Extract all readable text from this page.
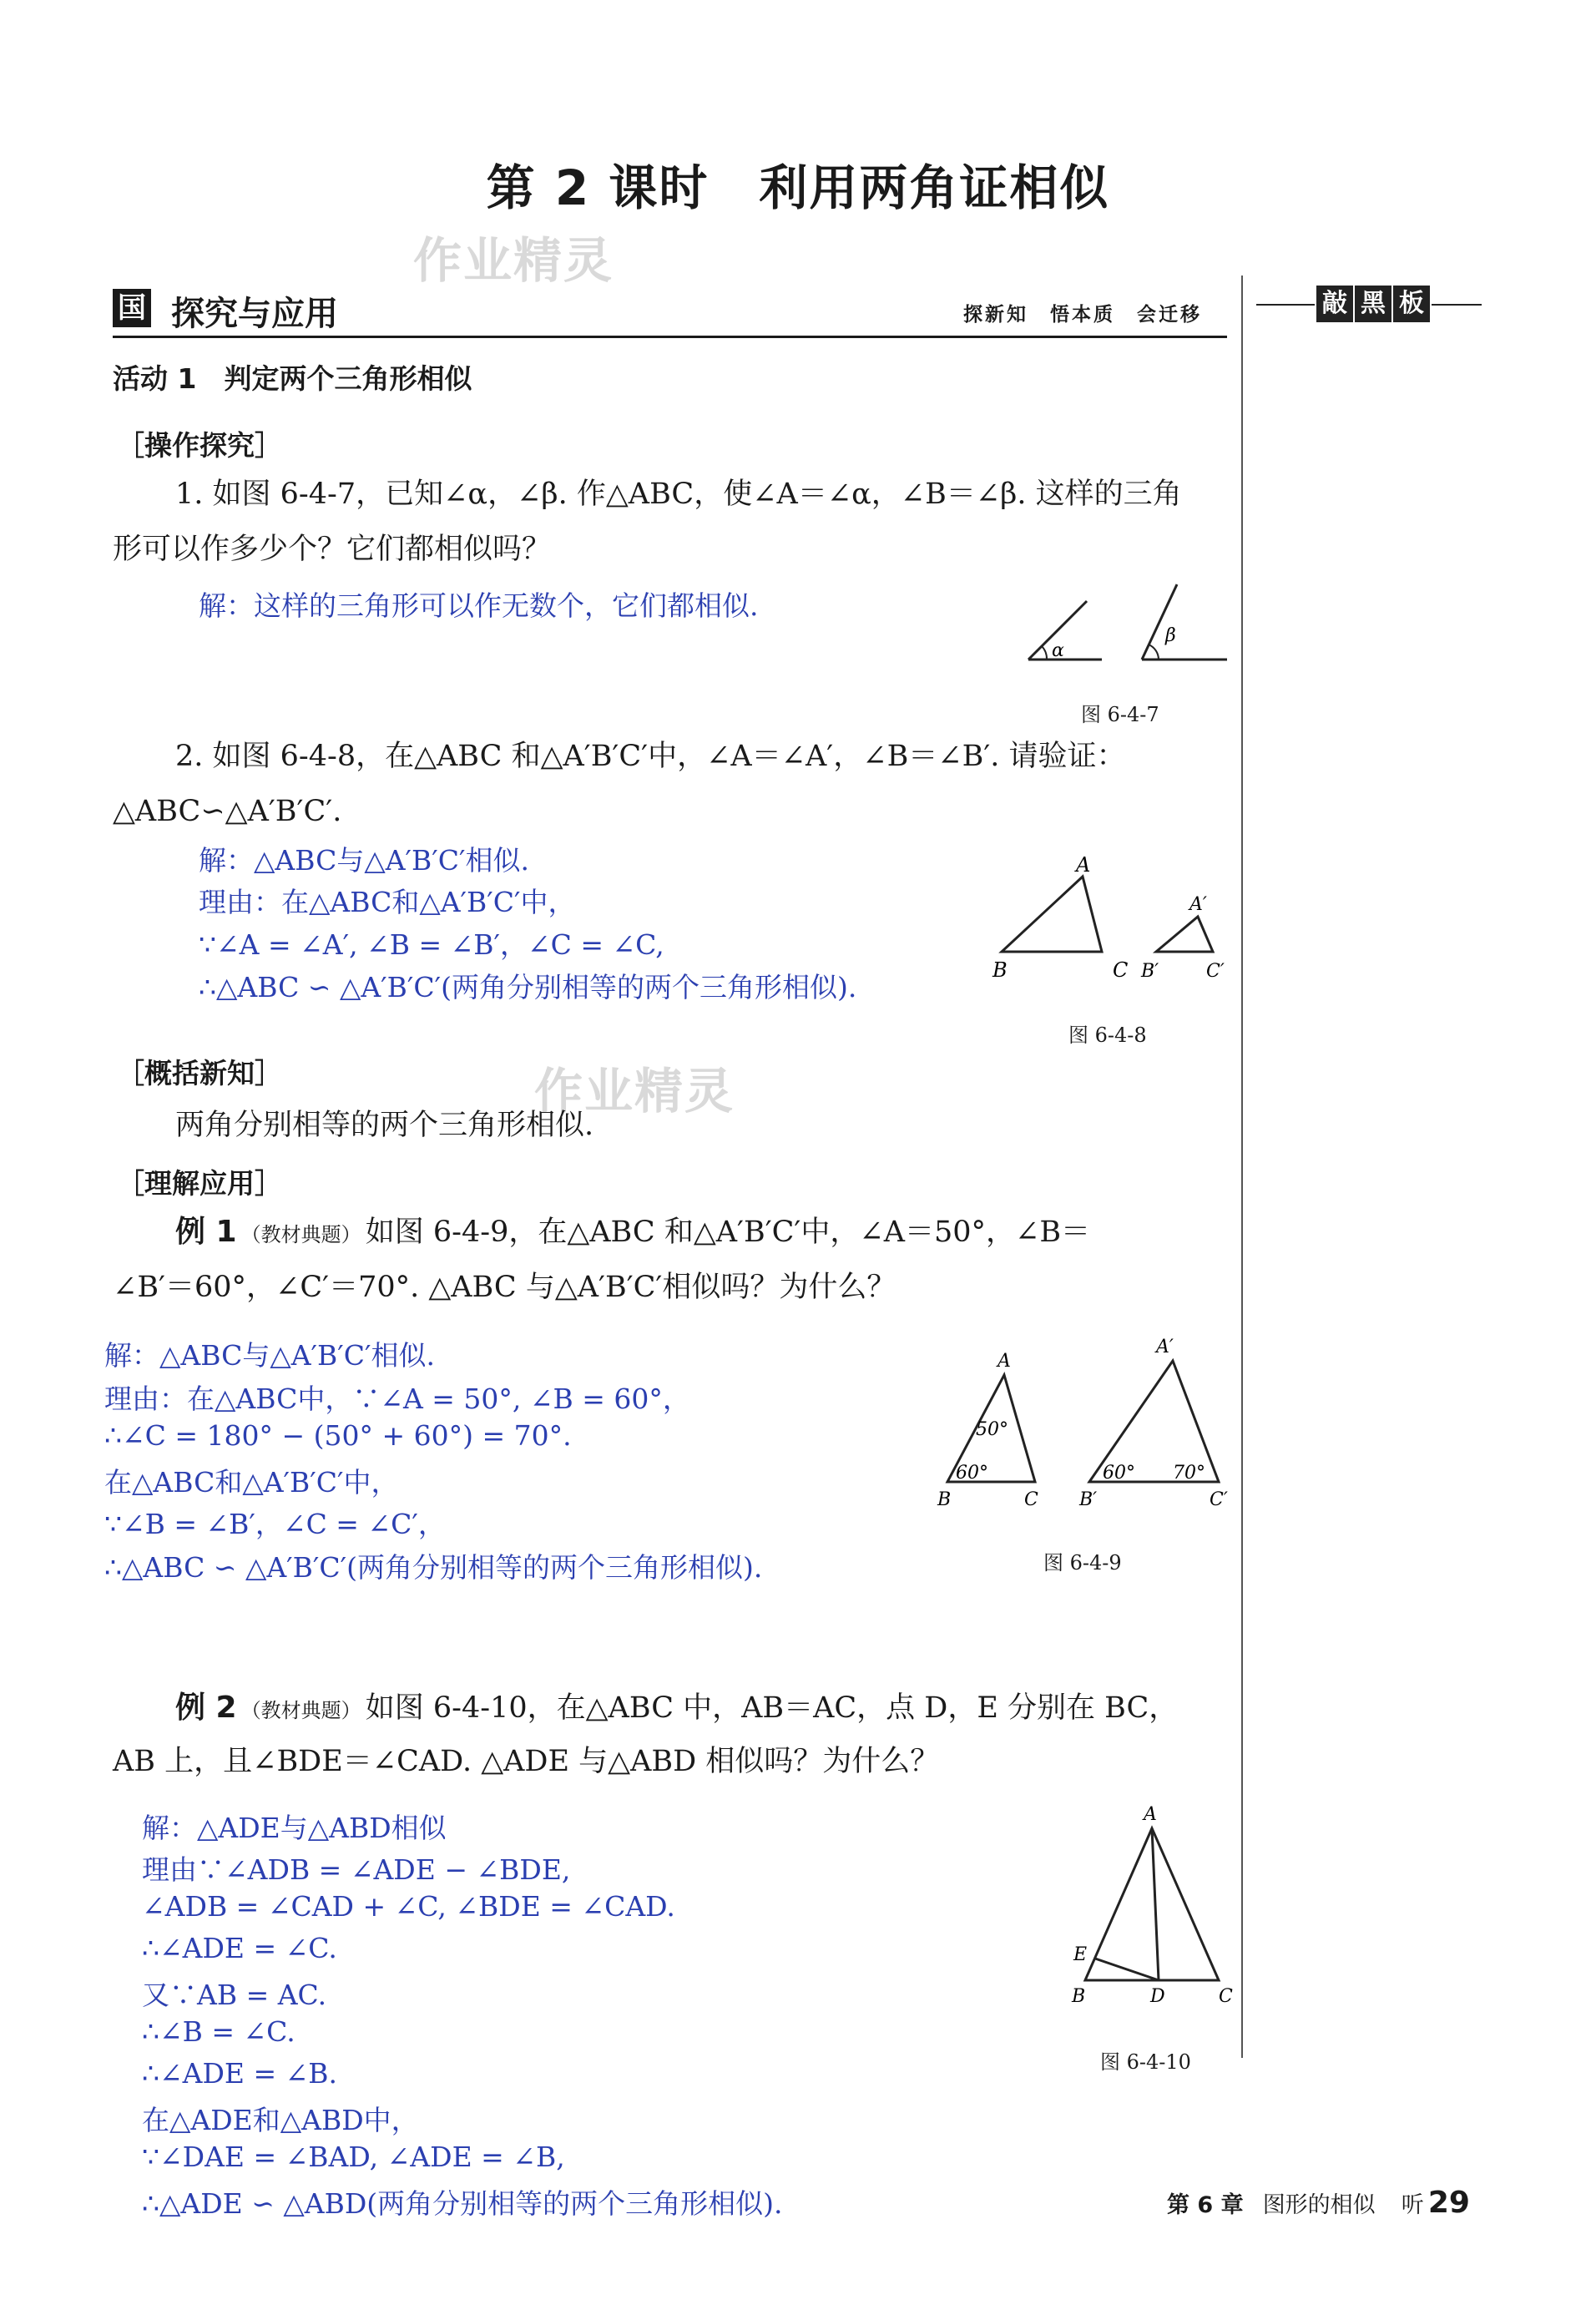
第 2 课时　利用两角证相似
作业精灵
作业精灵
国 探究与应用	探新知　悟本质　会迁移	敲 黑 板
活动 1　判定两个三角形相似
［操作探究］
1. 如图 6-4-7，已知∠α，∠β. 作△ABC，使∠A＝∠α，∠B＝∠β. 这样的三角
形可以作多少个？它们都相似吗？
解：这样的三角形可以作无数个，它们都相似.
α
β
图 6-4-7
2. 如图 6-4-8，在△ABC 和△A′B′C′中，∠A＝∠A′，∠B＝∠B′. 请验证：
△ABC∽△A′B′C′.
解：△ABC与△A′B′C′相似.
理由：在△ABC和△A′B′C′中，
∵∠A = ∠A′, ∠B = ∠B′，∠C = ∠C,
∴△ABC ∽ △A′B′C′(两角分别相等的两个三角形相似).
A
B	C
A′
B′	C′
图 6-4-8
［概括新知］
两角分别相等的两个三角形相似.
［理解应用］
例 1 （教材典题） 如图 6-4-9，在△ABC 和△A′B′C′中，∠A＝50°，∠B＝
∠B′＝60°，∠C′＝70°. △ABC 与△A′B′C′相似吗？为什么？
解：△ABC与△A′B′C′相似.
理由：在△ABC中，∵∠A = 50°, ∠B = 60°，
∴∠C = 180° − (50° + 60°) = 70°.
在△ABC和△A′B′C′中，
∵∠B = ∠B′，∠C = ∠C′，
∴△ABC ∽ △A′B′C′(两角分别相等的两个三角形相似).
A
B	C
A′
B′	C′
50°
60°	60° 70°
图 6-4-9
例 2 （教材典题） 如图 6-4-10，在△ABC 中，AB＝AC，点 D，E 分别在 BC，
AB 上，且∠BDE＝∠CAD. △ADE 与△ABD 相似吗？为什么？
解：△ADE与△ABD相似
理由∵∠ADB = ∠ADE − ∠BDE,
∠ADB = ∠CAD + ∠C, ∠BDE = ∠CAD.
∴∠ADE = ∠C.
又∵AB = AC.
∴∠B = ∠C.
∴∠ADE = ∠B.
在△ADE和△ABD中，
∵∠DAE = ∠BAD, ∠ADE = ∠B,
∴△ADE ∽ △ABD(两角分别相等的两个三角形相似).
A
B	C
D
E
图 6-4-10
第 6 章 图形的相似 听 29
